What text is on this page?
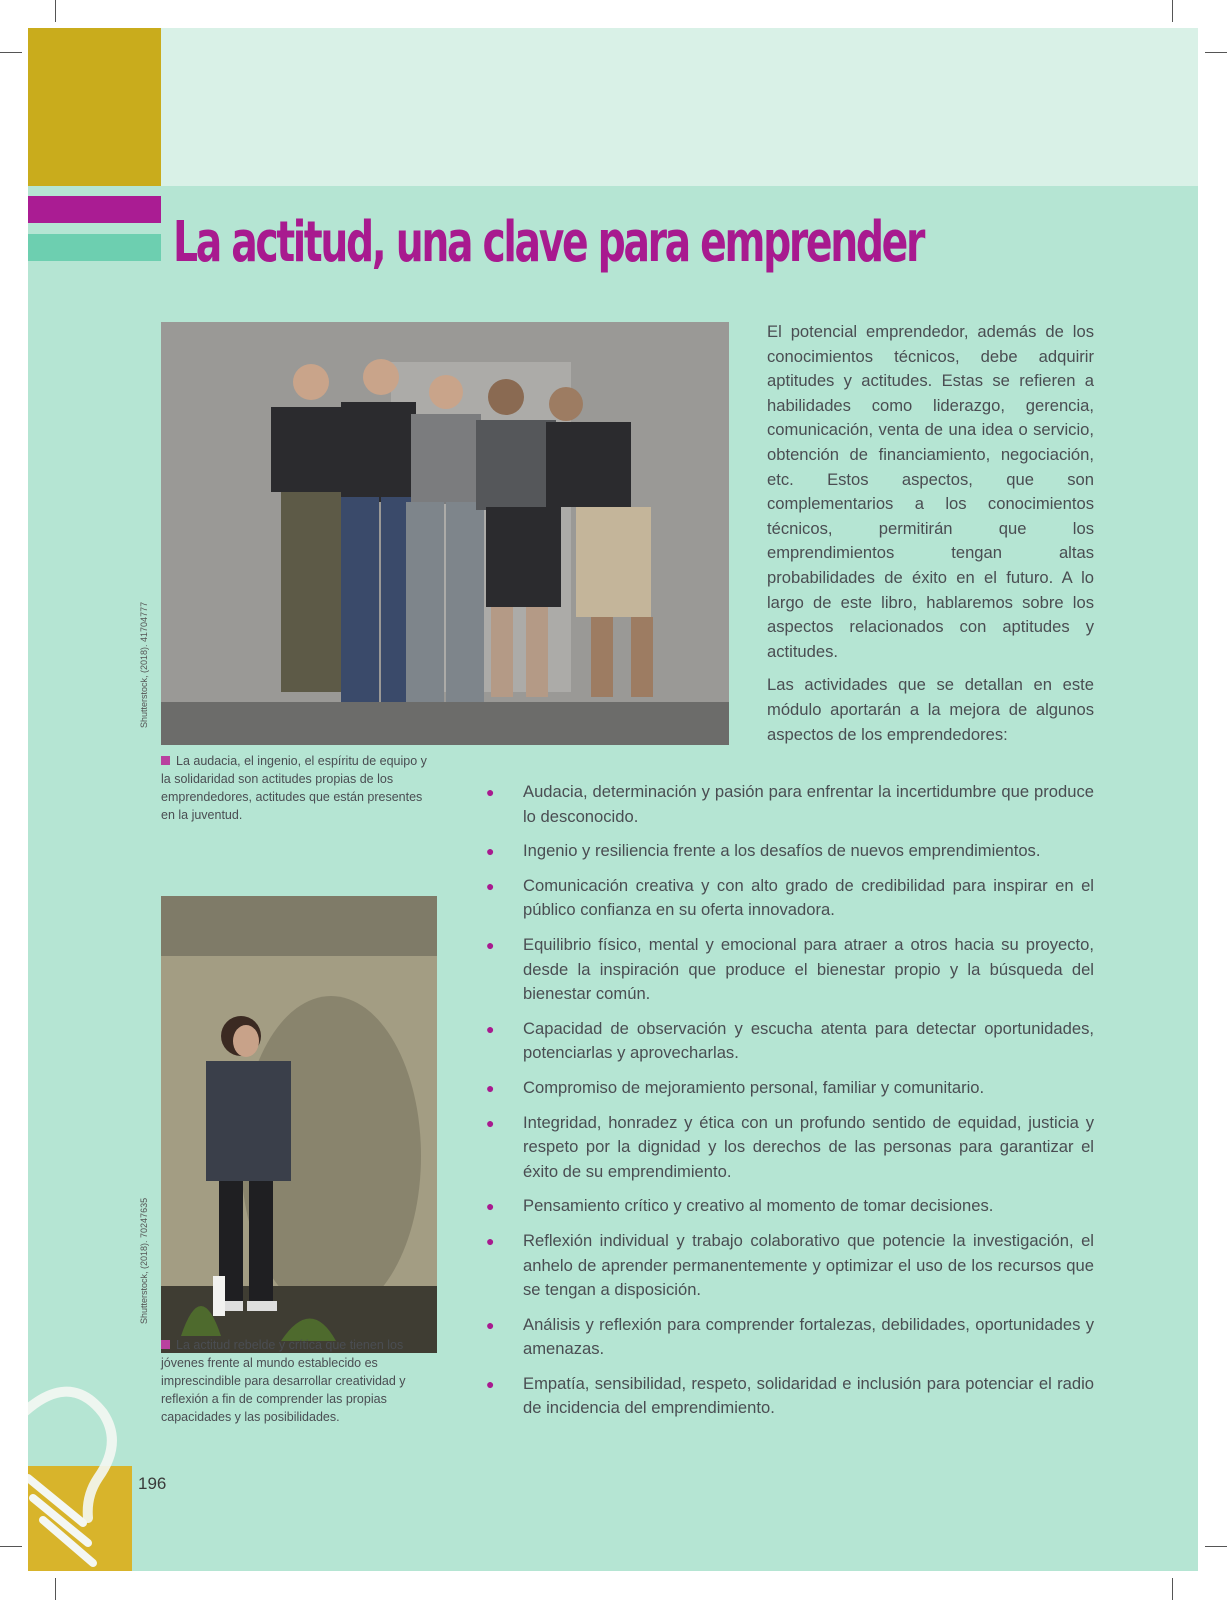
La actitud, una clave para emprender
Shutterstock, (2018). 41704777
La audacia, el ingenio, el espíritu de equipo y la solidaridad son actitudes propias de los emprendedores, actitudes que están presentes en la juventud.
Shutterstock, (2018). 70247635
La actitud rebelde y crítica que tienen los jóvenes frente al mundo establecido es imprescindible para desarrollar creatividad y reflexión a fin de comprender las propias capacidades y las posibilidades.

El potencial emprendedor, además de los conocimientos técnicos, debe adquirir aptitudes y actitudes. Estas se refieren a habilidades como liderazgo, gerencia, comunicación, venta de una idea o servicio, obtención de financiamiento, negociación, etc. Estos aspectos, que son complementarios a los conocimientos técnicos, permitirán que los emprendimientos tengan altas probabilidades de éxito en el futuro. A lo largo de este libro, hablaremos sobre los aspectos relacionados con aptitudes y actitudes.

Las actividades que se detallan en este módulo aportarán a la mejora de algunos aspectos de los emprendedores:

● Audacia, determinación y pasión para enfrentar la incertidumbre que produce lo desconocido.
● Ingenio y resiliencia frente a los desafíos de nuevos emprendimientos.
● Comunicación creativa y con alto grado de credibilidad para inspirar en el público confianza en su oferta innovadora.
● Equilibrio físico, mental y emocional para atraer a otros hacia su proyecto, desde la inspiración que produce el bienestar propio y la búsqueda del bienestar común.
● Capacidad de observación y escucha atenta para detectar oportunidades, potenciarlas y aprovecharlas.
● Compromiso de mejoramiento personal, familiar y comunitario.
● Integridad, honradez y ética con un profundo sentido de equidad, justicia y respeto por la dignidad y los derechos de las personas para garantizar el éxito de su emprendimiento.
● Pensamiento crítico y creativo al momento de tomar decisiones.
● Reflexión individual y trabajo colaborativo que potencie la investigación, el anhelo de aprender permanentemente y optimizar el uso de los recursos que se tengan a disposición.
● Análisis y reflexión para comprender fortalezas, debilidades, oportunidades y amenazas.
● Empatía, sensibilidad, respeto, solidaridad e inclusión para potenciar el radio de incidencia del emprendimiento.
196
